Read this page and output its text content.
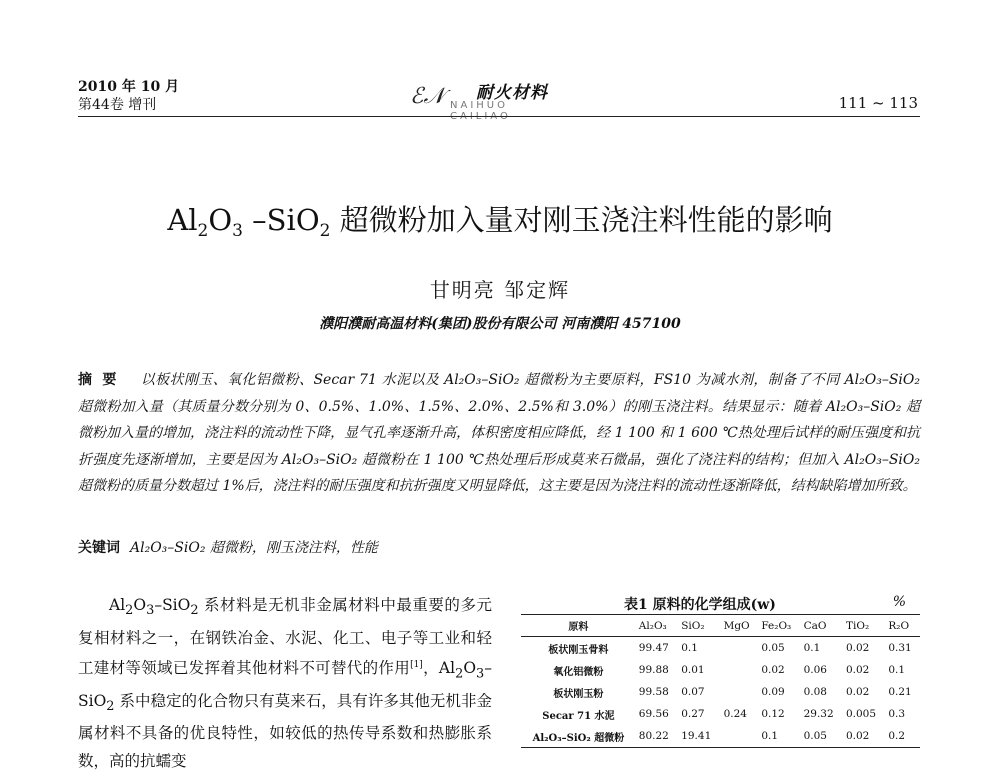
2010 年 10 月
第44卷 增刊	ℰ𝒩 耐火材料
NAIHUO CAILIAO
111 ~ 113
$Al_2O_3$ –SiO$_2$ 超微粉加入量对刚玉浇注料性能的影响
甘明亮 邹定辉
濮阳濮耐高温材料(集团)股份有限公司 河南濮阳 457100
摘要 以板状刚玉、氧化铝微粉、Secar 71 水泥以及 Al₂O₃–SiO₂ 超微粉为主要原料，FS10 为减水剂，制备了不同 Al₂O₃–SiO₂ 超微粉加入量（其质量分数分别为 0、0.5%、1.0%、1.5%、2.0%、2.5%和 3.0%）的刚玉浇注料。结果显示：随着 Al₂O₃–SiO₂ 超微粉加入量的增加，浇注料的流动性下降，显气孔率逐渐升高，体积密度相应降低，经 1 100 和 1 600 ℃热处理后试样的耐压强度和抗折强度先逐渐增加，主要是因为 Al₂O₃–SiO₂ 超微粉在 1 100 ℃热处理后形成莫来石微晶，强化了浇注料的结构；但加入 Al₂O₃–SiO₂ 超微粉的质量分数超过 1%后，浇注料的耐压强度和抗折强度又明显降低，这主要是因为浇注料的流动性逐渐降低，结构缺陷增加所致。
关键词 Al₂O₃–SiO₂ 超微粉，刚玉浇注料，性能
$Al_2O_3-SiO_2$ 系材料是无机非金属材料中最重要的多元复相材料之一，在钢铁冶金、水泥、化工、电子等工业和轻工建材等领域已发挥着其他材料不可替代的作用[1]，$Al_2O_3-SiO_2$ 系中稳定的化合物只有莫来石，具有许多其他无机非金属材料不具备的优良特性，如较低的热传导系数和热膨胀系数，高的抗蠕变
表1 原料的化学组成(w)	%
原料	Al₂O₃	SiO₂	MgO	Fe₂O₃	CaO	TiO₂	R₂O
板状刚玉骨料	99.47	0.1		0.05	0.1	0.02	0.31
氧化铝微粉	99.88	0.01		0.02	0.06	0.02	0.1
板状刚玉粉	99.58	0.07		0.09	0.08	0.02	0.21
Secar 71 水泥	69.56	0.27	0.24	0.12	29.32	0.005	0.3
Al₂O₃–SiO₂ 超微粉	80.22	19.41		0.1	0.05	0.02	0.2
